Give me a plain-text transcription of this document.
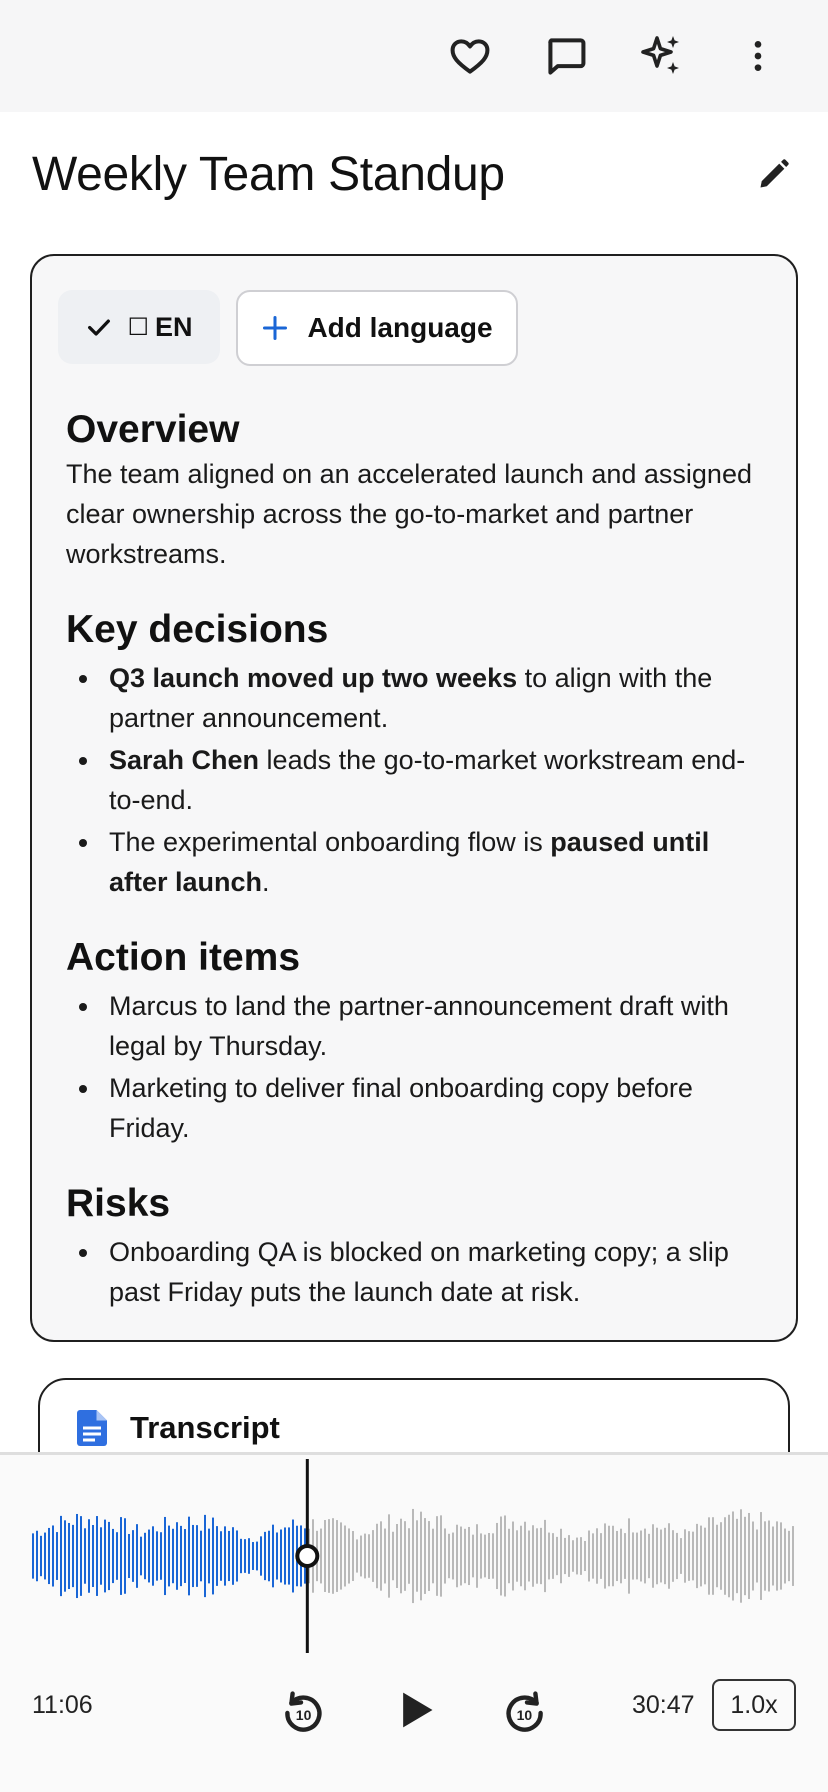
Weekly Team Standup
☐ EN	Add language
Overview

The team aligned on an accelerated launch and assigned clear ownership across the go-to-market and partner workstreams.

Key decisions
Q3 launch moved up two weeks to align with the partner announcement.
Sarah Chen leads the go-to-market workstream end-to-end.
The experimental onboarding flow is paused until after launch.
Action items
Marcus to land the partner-announcement draft with legal by Thursday.
Marketing to deliver final onboarding copy before Friday.
Risks
Onboarding QA is blocked on marketing copy; a slip past Friday puts the launch date at risk.
Transcript
11:06	10	10	30:47	1.0x
